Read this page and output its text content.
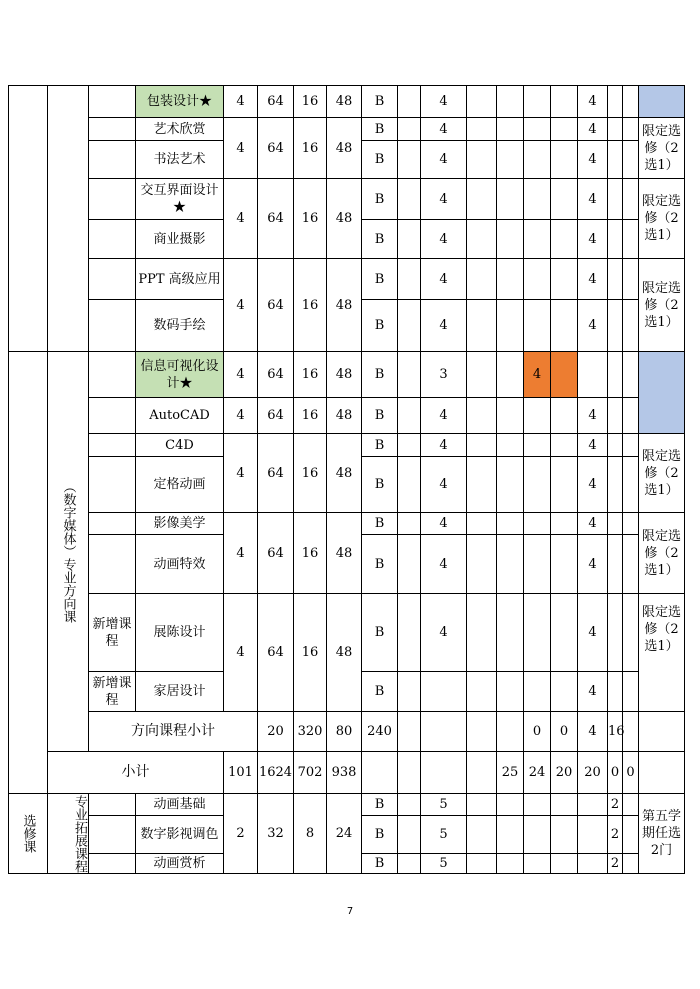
			包装设计★	4	64	16	48	B		4					4				
			艺术欣赏	4	64	16	48	B		4					4			限定选修（2选1）	
			书法艺术					B		4					4				
			交互界面设计★	4	64	16	48	B		4					4			限定选修（2选1）	
			商业摄影					B		4					4				
			PPT 高级应用	4	64	16	48	B		4					4			限定选修（2选1）	
			数码手绘					B		4					4				
	（数字媒体）专业方向课		信息可视化设计★	4	64	16	48	B		3			4						
			AutoCAD	4	64	16	48	B		4					4				
			C4D	4	64	16	48	B		4					4			限定选修（2选1）	
			定格动画					B		4					4				
			影像美学	4	64	16	48	B		4					4			限定选修（2选1）	
			动画特效					B		4					4				
		新增课程	展陈设计	4	64	16	48	B		4					4			限定选修（2选1）	
		新增课程	家居设计					B							4				
		方向课程小计			20	320	80	240					0	0	4	16			
	小计			101	1624	702	938					25	24	20	20	0	0		
选修课	专业拓展课程		动画基础	2	32	8	24	B		5						2		第五学期任选2门	
			数字影视调色					B		5						2			
			动画赏析					B		5						2			
7
